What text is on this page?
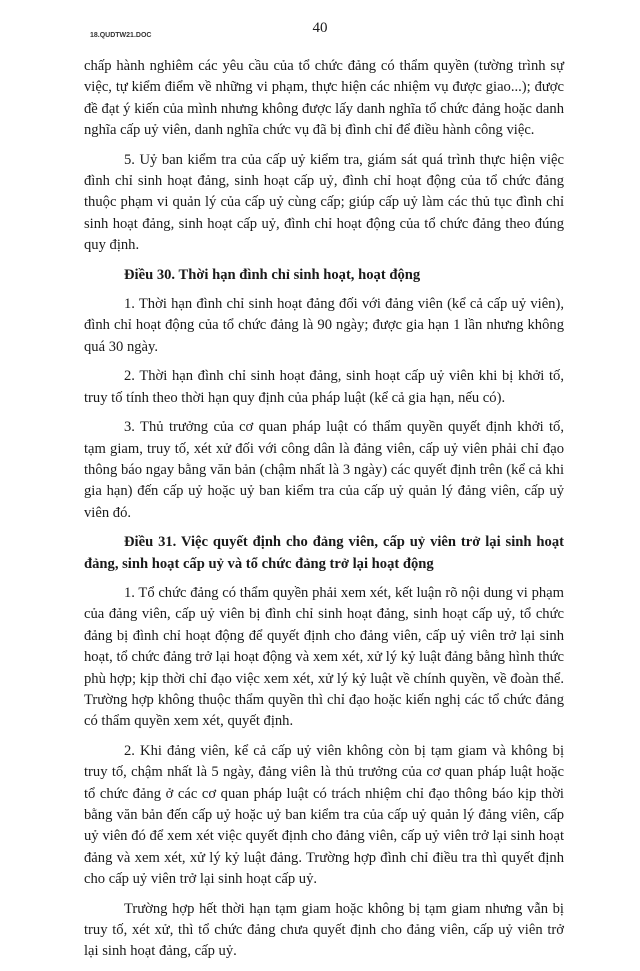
18.QUDTW21.DOC	40

chấp hành nghiêm các yêu cầu của tổ chức đảng có thẩm quyền (tường trình sự việc, tự kiểm điểm về những vi phạm, thực hiện các nhiệm vụ được giao...); được đề đạt ý kiến của mình nhưng không được lấy danh nghĩa tổ chức đảng hoặc danh nghĩa cấp uỷ viên, danh nghĩa chức vụ đã bị đình chỉ để điều hành công việc.

5. Uỷ ban kiểm tra của cấp uỷ kiểm tra, giám sát quá trình thực hiện việc đình chỉ sinh hoạt đảng, sinh hoạt cấp uỷ, đình chỉ hoạt động của tổ chức đảng thuộc phạm vi quản lý của cấp uỷ cùng cấp; giúp cấp uỷ làm các thủ tục đình chỉ sinh hoạt đảng, sinh hoạt cấp uỷ, đình chỉ hoạt động của tổ chức đảng theo đúng quy định.

Điều 30. Thời hạn đình chỉ sinh hoạt, hoạt động

1. Thời hạn đình chỉ sinh hoạt đảng đối với đảng viên (kể cả cấp uỷ viên), đình chỉ hoạt động của tổ chức đảng là 90 ngày; được gia hạn 1 lần nhưng không quá 30 ngày.

2. Thời hạn đình chỉ sinh hoạt đảng, sinh hoạt cấp uỷ viên khi bị khởi tố, truy tố tính theo thời hạn quy định của pháp luật (kể cả gia hạn, nếu có).

3. Thủ trưởng của cơ quan pháp luật có thẩm quyền quyết định khởi tố, tạm giam, truy tố, xét xử đối với công dân là đảng viên, cấp uỷ viên phải chỉ đạo thông báo ngay bằng văn bản (chậm nhất là 3 ngày) các quyết định trên (kể cả khi gia hạn) đến cấp uỷ hoặc uỷ ban kiểm tra của cấp uỷ quản lý đảng viên, cấp uỷ viên đó.

Điều 31. Việc quyết định cho đảng viên, cấp uỷ viên trở lại sinh hoạt đảng, sinh hoạt cấp uỷ và tổ chức đảng trở lại hoạt động

1. Tổ chức đảng có thẩm quyền phải xem xét, kết luận rõ nội dung vi phạm của đảng viên, cấp uỷ viên bị đình chỉ sinh hoạt đảng, sinh hoạt cấp uỷ, tổ chức đảng bị đình chỉ hoạt động để quyết định cho đảng viên, cấp uỷ viên trở lại sinh hoạt, tổ chức đảng trở lại hoạt động và xem xét, xử lý kỷ luật đảng bằng hình thức phù hợp; kịp thời chỉ đạo việc xem xét, xử lý kỷ luật về chính quyền, về đoàn thể. Trường hợp không thuộc thẩm quyền thì chỉ đạo hoặc kiến nghị các tổ chức đảng có thẩm quyền xem xét, quyết định.

2. Khi đảng viên, kể cả cấp uỷ viên không còn bị tạm giam và không bị truy tố, chậm nhất là 5 ngày, đảng viên là thủ trưởng của cơ quan pháp luật hoặc tổ chức đảng ở các cơ quan pháp luật có trách nhiệm chỉ đạo thông báo kịp thời bằng văn bản đến cấp uỷ hoặc uỷ ban kiểm tra của cấp uỷ quản lý đảng viên, cấp uỷ viên đó để xem xét việc quyết định cho đảng viên, cấp uỷ viên trở lại sinh hoạt đảng và xem xét, xử lý kỷ luật đảng. Trường hợp đình chỉ điều tra thì quyết định cho cấp uỷ viên trở lại sinh hoạt cấp uỷ.

Trường hợp hết thời hạn tạm giam hoặc không bị tạm giam nhưng vẫn bị truy tố, xét xử, thì tổ chức đảng chưa quyết định cho đảng viên, cấp uỷ viên trở lại sinh hoạt đảng, cấp uỷ.
